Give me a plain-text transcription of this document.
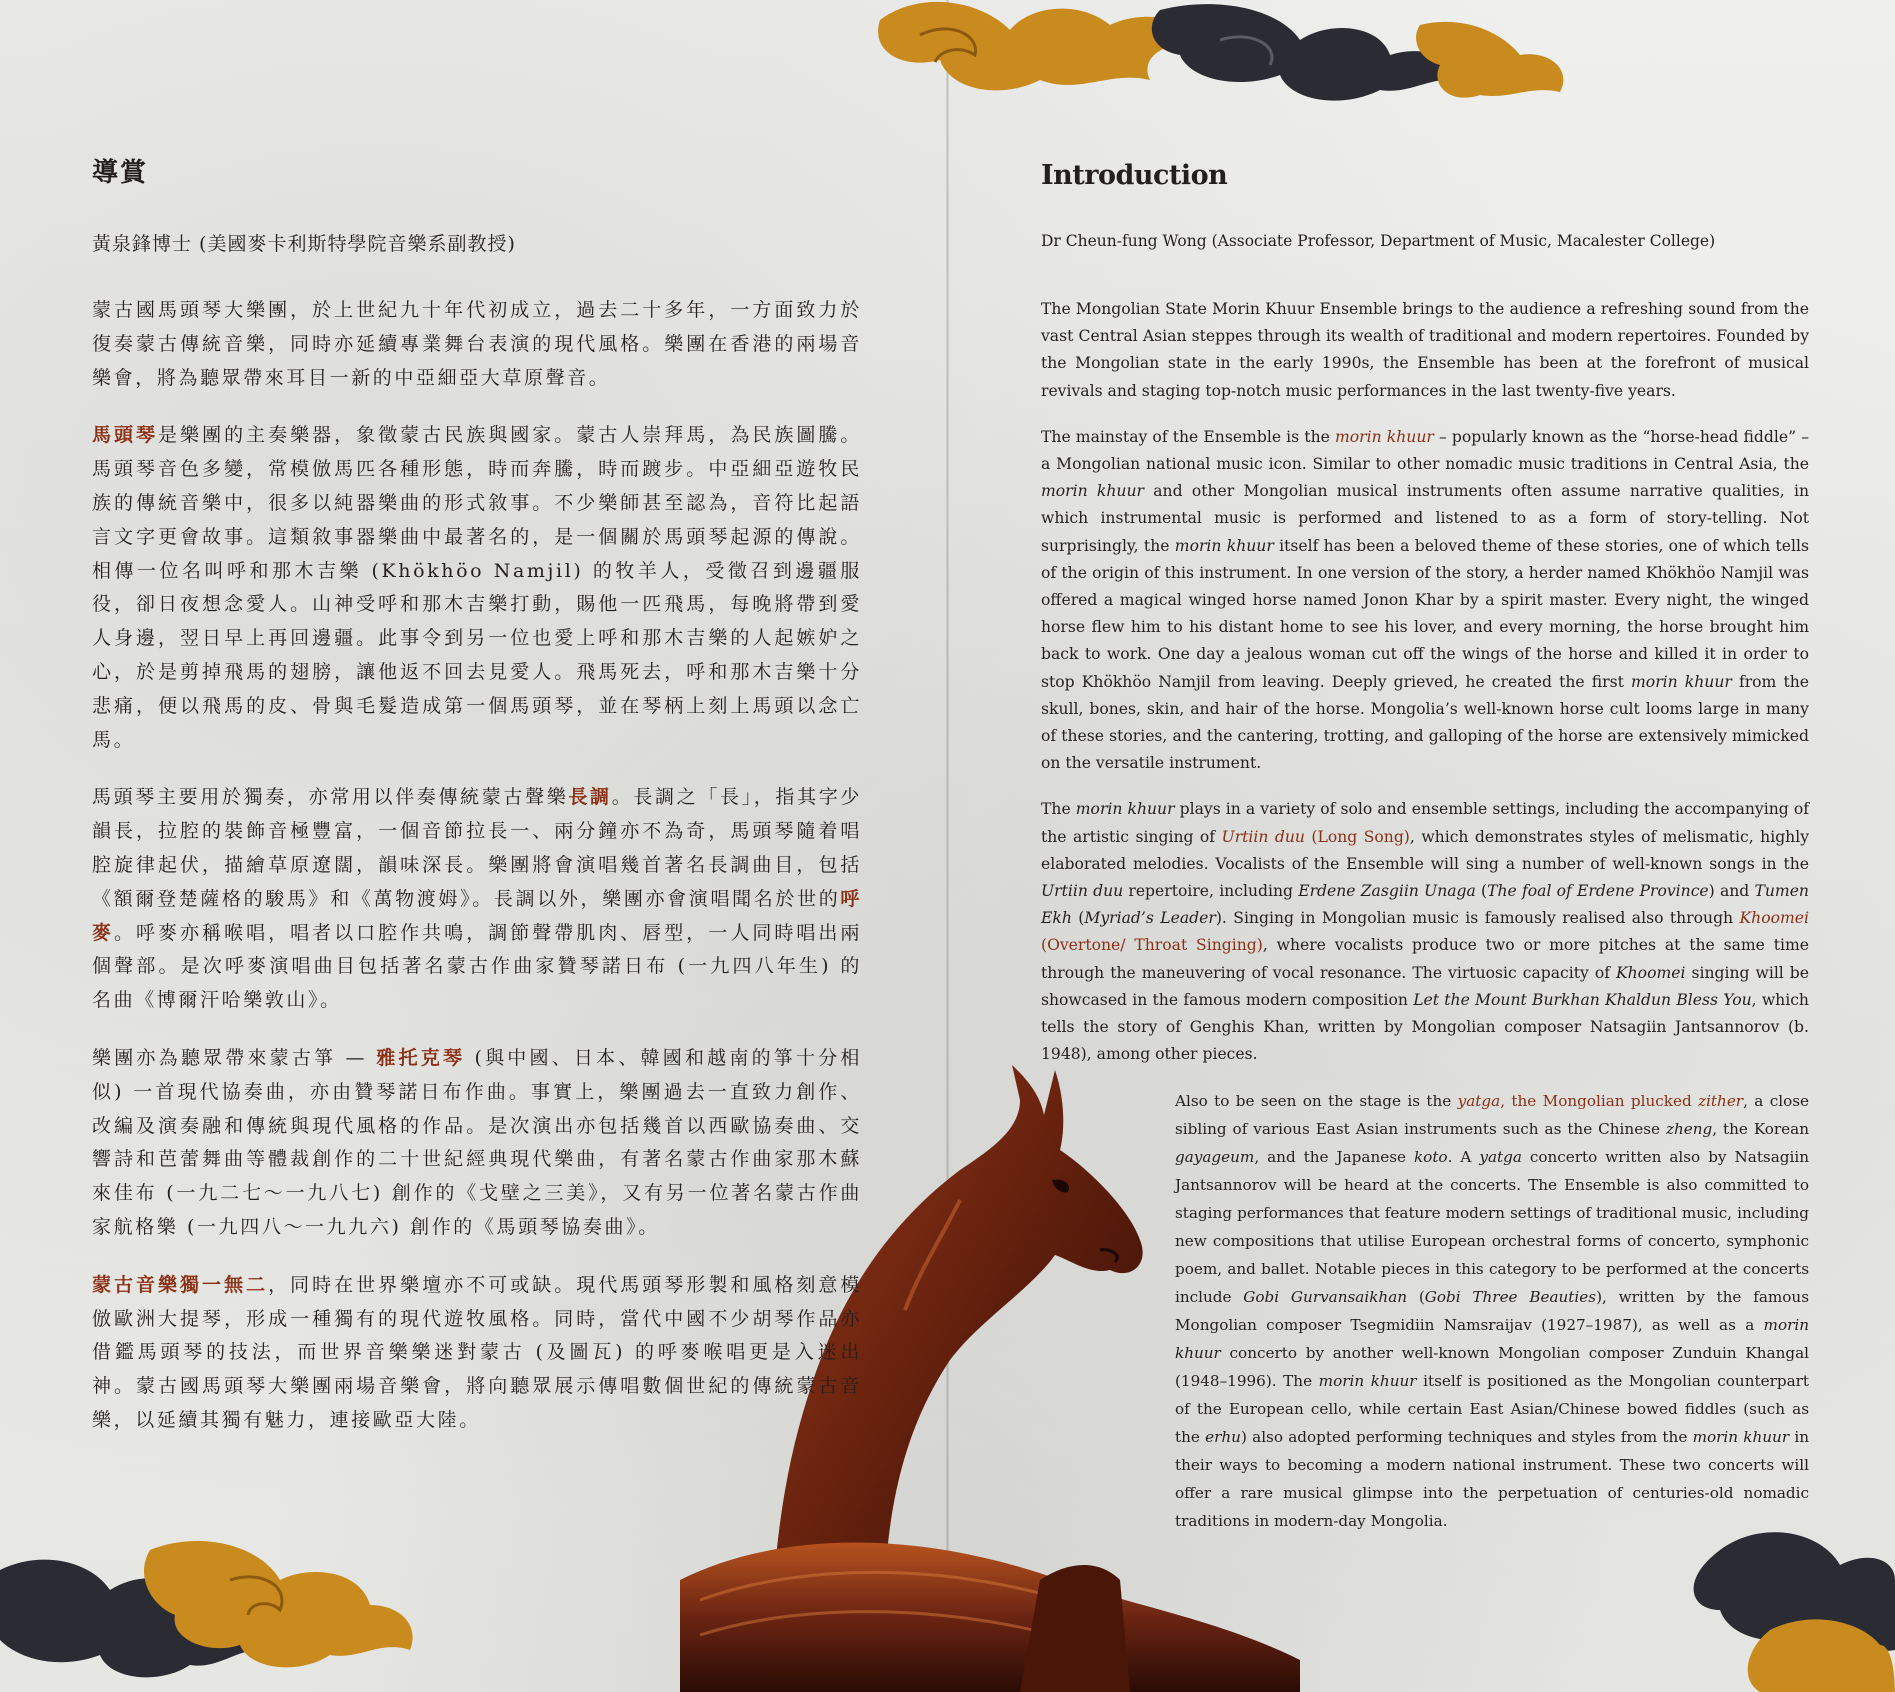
導賞

黃泉鋒博士 (美國麥卡利斯特學院音樂系副教授)

蒙古國馬頭琴大樂團，於上世紀九十年代初成立，過去二十多年，一方面致力於復奏蒙古傳統音樂，同時亦延續專業舞台表演的現代風格。樂團在香港的兩場音樂會，將為聽眾帶來耳目一新的中亞細亞大草原聲音。

馬頭琴是樂團的主奏樂器，象徵蒙古民族與國家。蒙古人崇拜馬，為民族圖騰。馬頭琴音色多變，常模倣馬匹各種形態，時而奔騰，時而踱步。中亞細亞遊牧民族的傳統音樂中，很多以純器樂曲的形式敘事。不少樂師甚至認為，音符比起語言文字更會故事。這類敘事器樂曲中最著名的，是一個關於馬頭琴起源的傳說。相傳一位名叫呼和那木吉樂 (Khökhöo Namjil) 的牧羊人，受徵召到邊疆服役，卻日夜想念愛人。山神受呼和那木吉樂打動，賜他一匹飛馬，每晚將帶到愛人身邊，翌日早上再回邊疆。此事令到另一位也愛上呼和那木吉樂的人起嫉妒之心，於是剪掉飛馬的翅膀，讓他返不回去見愛人。飛馬死去，呼和那木吉樂十分悲痛，便以飛馬的皮、骨與毛髮造成第一個馬頭琴，並在琴柄上刻上馬頭以念亡馬。

馬頭琴主要用於獨奏，亦常用以伴奏傳統蒙古聲樂長調。長調之「長」，指其字少韻長，拉腔的裝飾音極豐富，一個音節拉長一、兩分鐘亦不為奇，馬頭琴隨着唱腔旋律起伏，描繪草原遼闊，韻味深長。樂團將會演唱幾首著名長調曲目，包括《額爾登楚薩格的駿馬》和《萬物渡姆》。長調以外，樂團亦會演唱聞名於世的呼麥。呼麥亦稱喉唱，唱者以口腔作共鳴，調節聲帶肌肉、唇型，一人同時唱出兩個聲部。是次呼麥演唱曲目包括著名蒙古作曲家贊琴諾日布 (一九四八年生) 的名曲《博爾汗哈樂敦山》。

樂團亦為聽眾帶來蒙古箏 — 雅托克琴 (與中國、日本、韓國和越南的箏十分相似) 一首現代協奏曲，亦由贊琴諾日布作曲。事實上，樂團過去一直致力創作、改編及演奏融和傳統與現代風格的作品。是次演出亦包括幾首以西歐協奏曲、交響詩和芭蕾舞曲等體裁創作的二十世紀經典現代樂曲，有著名蒙古作曲家那木蘇來佳布 (一九二七～一九八七) 創作的《戈壁之三美》，又有另一位著名蒙古作曲家航格樂 (一九四八～一九九六) 創作的《馬頭琴協奏曲》。

蒙古音樂獨一無二，同時在世界樂壇亦不可或缺。現代馬頭琴形製和風格刻意模倣歐洲大提琴，形成一種獨有的現代遊牧風格。同時，當代中國不少胡琴作品亦借鑑馬頭琴的技法，而世界音樂樂迷對蒙古 (及圖瓦) 的呼麥喉唱更是入迷出神。蒙古國馬頭琴大樂團兩場音樂會，將向聽眾展示傳唱數個世紀的傳統蒙古音樂，以延續其獨有魅力，連接歐亞大陸。

Introduction

Dr Cheun-fung Wong (Associate Professor, Department of Music, Macalester College)

The Mongolian State Morin Khuur Ensemble brings to the audience a refreshing sound from the vast Central Asian steppes through its wealth of traditional and modern repertoires. Founded by the Mongolian state in the early 1990s, the Ensemble has been at the forefront of musical revivals and staging top-notch music performances in the last twenty-five years.

The mainstay of the Ensemble is the morin khuur – popularly known as the “horse-head fiddle” – a Mongolian national music icon. Similar to other nomadic music traditions in Central Asia, the morin khuur and other Mongolian musical instruments often assume narrative qualities, in which instrumental music is performed and listened to as a form of story-telling. Not surprisingly, the morin khuur itself has been a beloved theme of these stories, one of which tells of the origin of this instrument. In one version of the story, a herder named Khökhöo Namjil was offered a magical winged horse named Jonon Khar by a spirit master. Every night, the winged horse flew him to his distant home to see his lover, and every morning, the horse brought him back to work. One day a jealous woman cut off the wings of the horse and killed it in order to stop Khökhöo Namjil from leaving. Deeply grieved, he created the first morin khuur from the skull, bones, skin, and hair of the horse. Mongolia’s well-known horse cult looms large in many of these stories, and the cantering, trotting, and galloping of the horse are extensively mimicked on the versatile instrument.

The morin khuur plays in a variety of solo and ensemble settings, including the accompanying of the artistic singing of Urtiin duu (Long Song), which demonstrates styles of melismatic, highly elaborated melodies. Vocalists of the Ensemble will sing a number of well-known songs in the Urtiin duu repertoire, including Erdene Zasgiin Unaga (The foal of Erdene Province) and Tumen Ekh (Myriad’s Leader). Singing in Mongolian music is famously realised also through Khoomei (Overtone/ Throat Singing), where vocalists produce two or more pitches at the same time through the maneuvering of vocal resonance. The virtuosic capacity of Khoomei singing will be showcased in the famous modern composition Let the Mount Burkhan Khaldun Bless You, which tells the story of Genghis Khan, written by Mongolian composer Natsagiin Jantsannorov (b. 1948), among other pieces.

Also to be seen on the stage is the yatga, the Mongolian plucked zither, a close sibling of various East Asian instruments such as the Chinese zheng, the Korean gayageum, and the Japanese koto. A yatga concerto written also by Natsagiin Jantsannorov will be heard at the concerts. The Ensemble is also committed to staging performances that feature modern settings of traditional music, including new compositions that utilise European orchestral forms of concerto, symphonic poem, and ballet. Notable pieces in this category to be performed at the concerts include Gobi Gurvansaikhan (Gobi Three Beauties), written by the famous Mongolian composer Tsegmidiin Namsraijav (1927–1987), as well as a morin khuur concerto by another well-known Mongolian composer Zunduin Khangal (1948–1996). The morin khuur itself is positioned as the Mongolian counterpart of the European cello, while certain East Asian/Chinese bowed fiddles (such as the erhu) also adopted performing techniques and styles from the morin khuur in their ways to becoming a modern national instrument. These two concerts will offer a rare musical glimpse into the perpetuation of centuries-old nomadic traditions in modern-day Mongolia.
